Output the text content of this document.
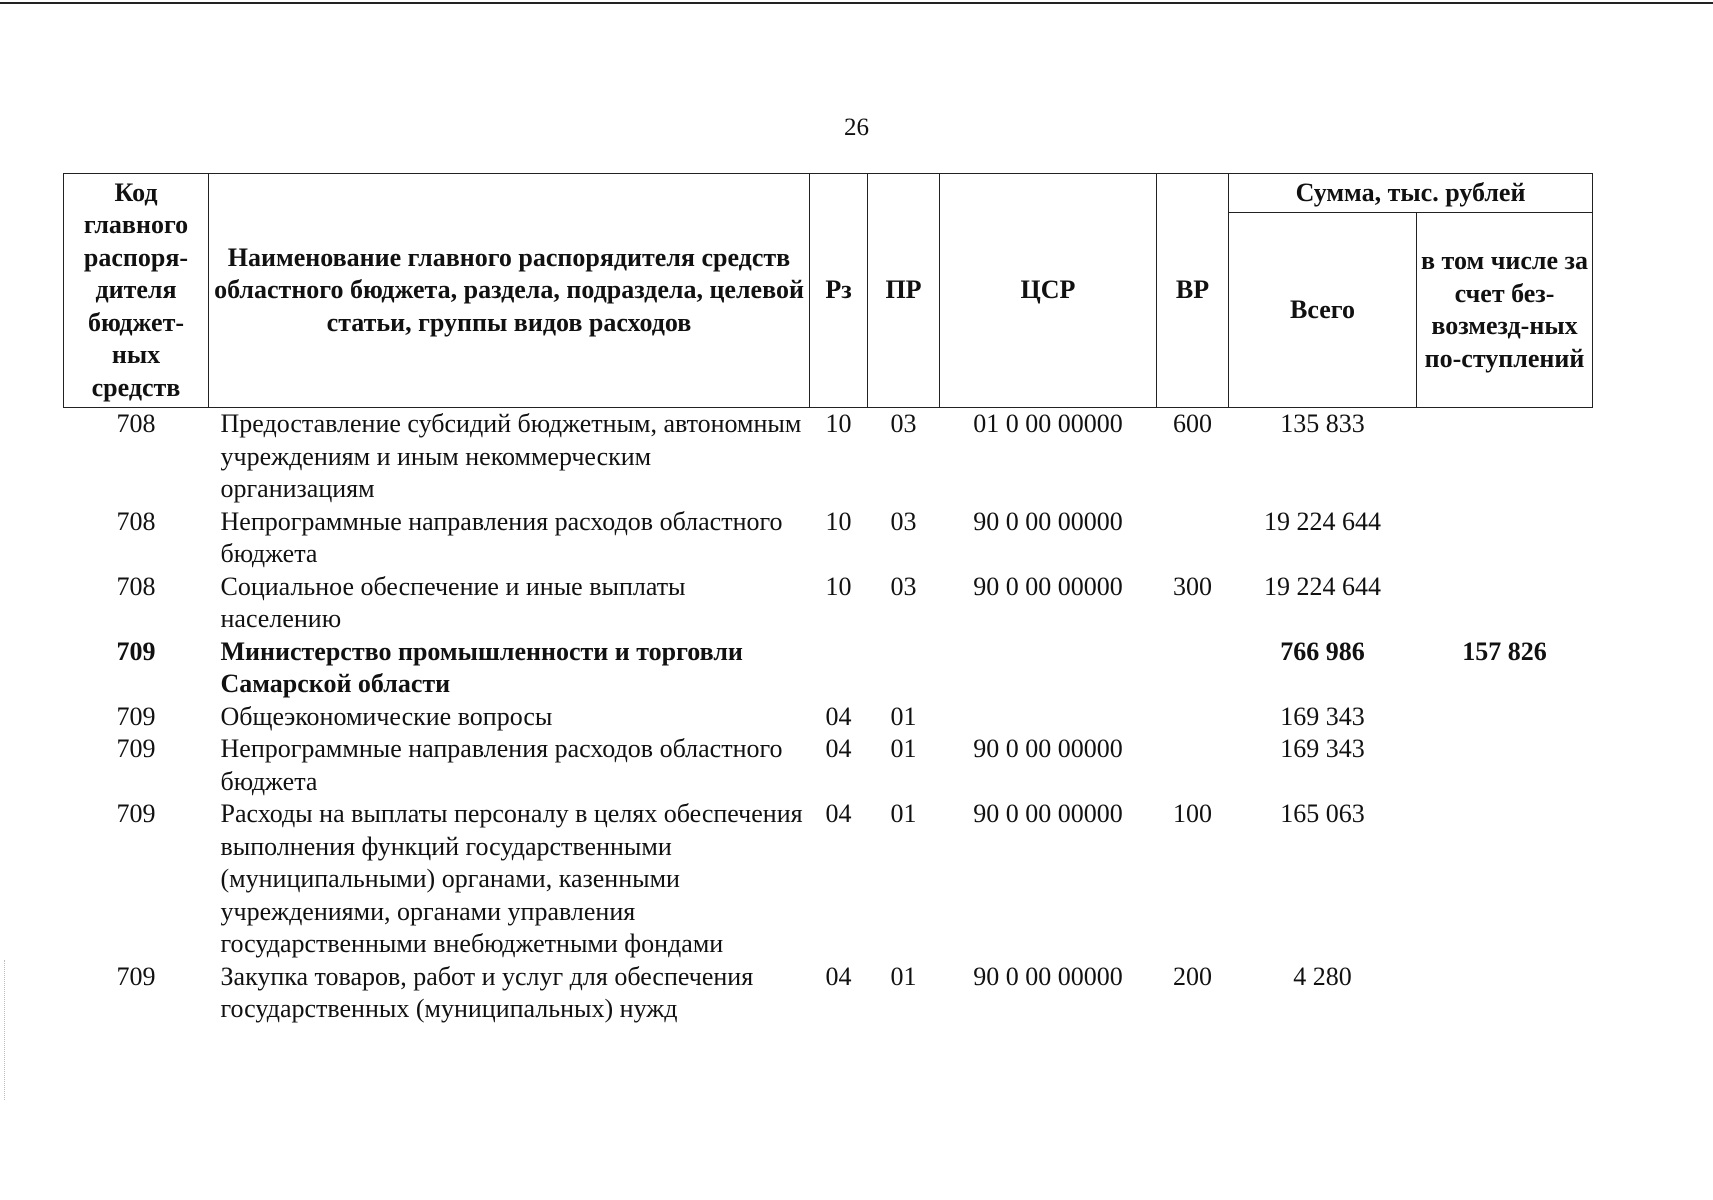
26
Код главного распоря-дителя бюджет-ных средств	Наименование главного распорядителя средств областного бюджета, раздела, подраздела, целевой статьи, группы видов расходов	Рз	ПР	ЦСР	ВР	Сумма, тыс. рублей	
						Всего	в том числе за счет без-возмезд-ных по-ступлений
708	Предоставление субсидий бюджетным, автономным учреждениям и иным некоммерческим организациям	10	03	01 0 00 00000	600	135 833	
708	Непрограммные направления расходов областного бюджета	10	03	90 0 00 00000		19 224 644	
708	Социальное обеспечение и иные выплаты населению	10	03	90 0 00 00000	300	19 224 644	
709	Министерство промышленности и торговли Самарской области					766 986	157 826
709	Общеэкономические вопросы	04	01			169 343	
709	Непрограммные направления расходов областного бюджета	04	01	90 0 00 00000		169 343	
709	Расходы на выплаты персоналу в целях обеспечения выполнения функций государственными (муниципальными) органами, казенными учреждениями, органами управления государственными внебюджетными фондами	04	01	90 0 00 00000	100	165 063	
709	Закупка товаров, работ и услуг для обеспечения государственных (муниципальных) нужд	04	01	90 0 00 00000	200	4 280	
